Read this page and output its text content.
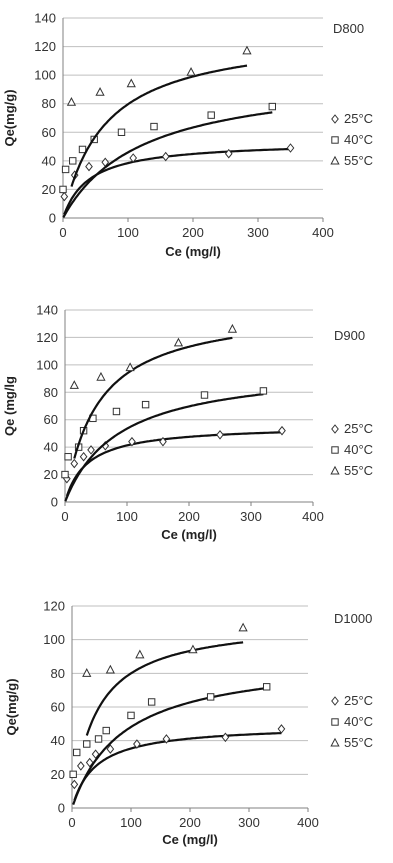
0
20
40
60
80
100
120
140
0	100	200	300	400
Ce (mg/l)
Qe(mg/g)
D800
25°C
40°C
55°C
0
20
40
60
80
100
120
140
0	100	200	300	400
Ce (mg/l)
Qe (mg/lg
D900
25°C
40°C
55°C
0
20
40
60
80
100
120
0	100	200	300	400
Ce (mg/l)
Qe(mg/g)
D1000
25°C
40°C
55°C
